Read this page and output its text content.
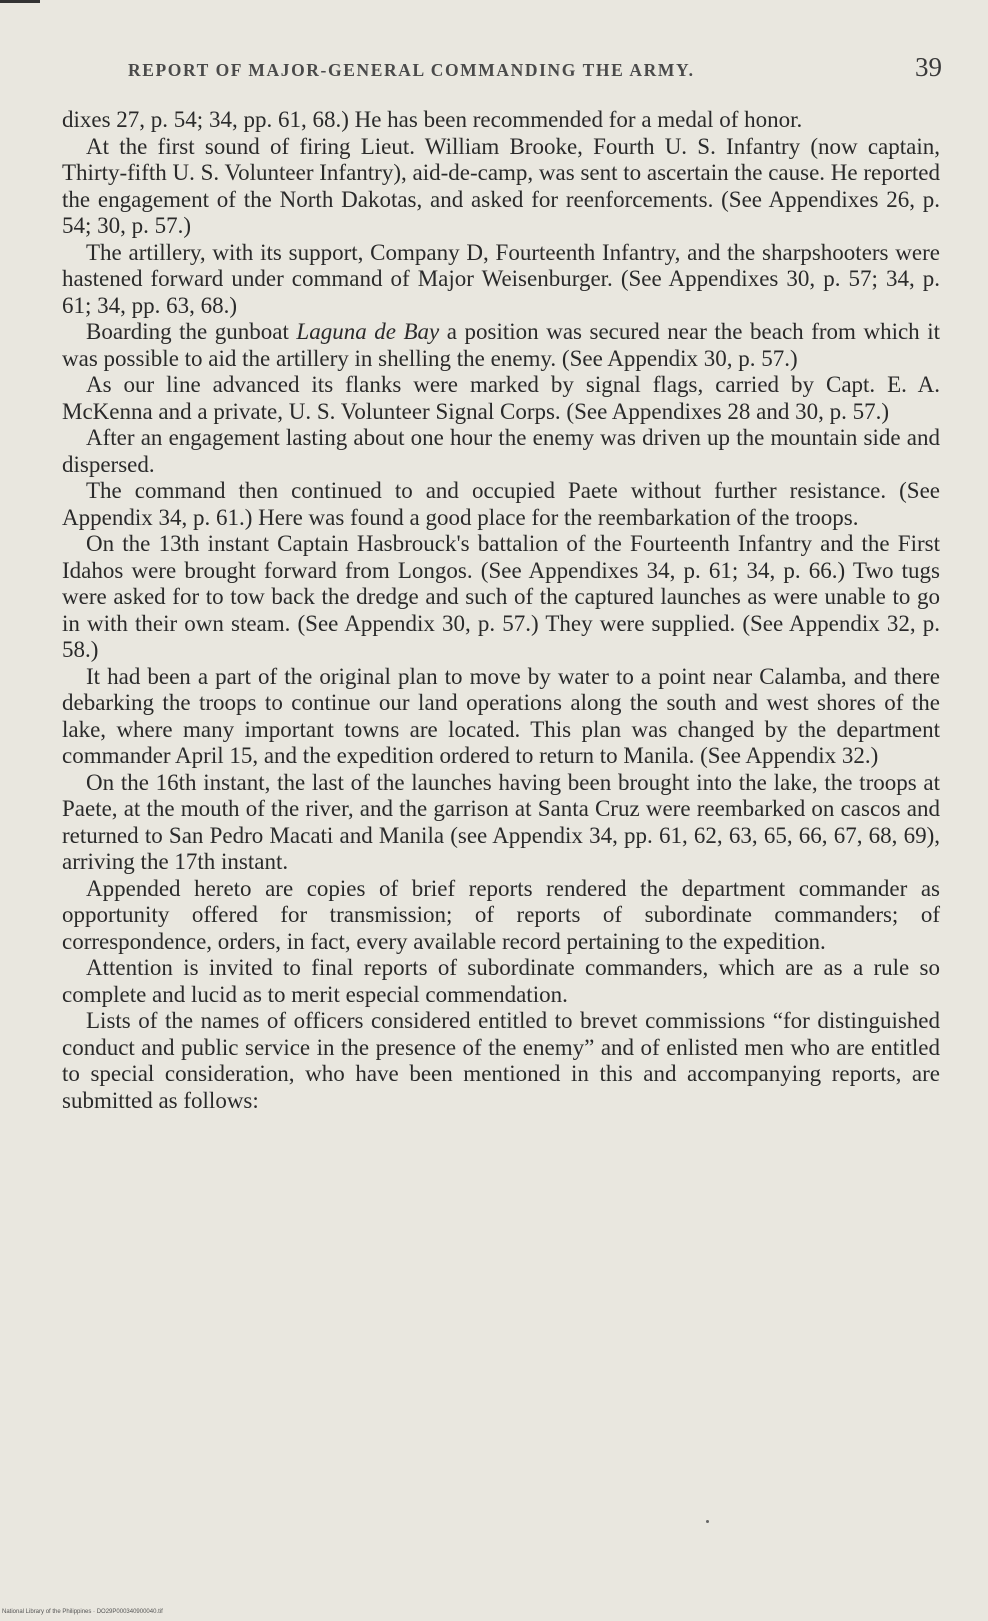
REPORT OF MAJOR-GENERAL COMMANDING THE ARMY.	39

dixes 27, p. 54; 34, pp. 61, 68.) He has been recommended for a medal of honor.

At the first sound of firing Lieut. William Brooke, Fourth U. S. Infantry (now captain, Thirty-fifth U. S. Volunteer Infantry), aid-de-camp, was sent to ascertain the cause. He reported the engagement of the North Dakotas, and asked for reenforcements. (See Appendixes 26, p. 54; 30, p. 57.)

The artillery, with its support, Company D, Fourteenth Infantry, and the sharpshooters were hastened forward under command of Major Weisenburger. (See Appendixes 30, p. 57; 34, p. 61; 34, pp. 63, 68.)

Boarding the gunboat Laguna de Bay a position was secured near the beach from which it was possible to aid the artillery in shelling the enemy. (See Appendix 30, p. 57.)

As our line advanced its flanks were marked by signal flags, carried by Capt. E. A. McKenna and a private, U. S. Volunteer Signal Corps. (See Appendixes 28 and 30, p. 57.)

After an engagement lasting about one hour the enemy was driven up the mountain side and dispersed.

The command then continued to and occupied Paete without further resistance. (See Appendix 34, p. 61.) Here was found a good place for the reembarkation of the troops.

On the 13th instant Captain Hasbrouck's battalion of the Fourteenth Infantry and the First Idahos were brought forward from Longos. (See Appendixes 34, p. 61; 34, p. 66.) Two tugs were asked for to tow back the dredge and such of the captured launches as were unable to go in with their own steam. (See Appendix 30, p. 57.) They were supplied. (See Appendix 32, p. 58.)

It had been a part of the original plan to move by water to a point near Calamba, and there debarking the troops to continue our land operations along the south and west shores of the lake, where many important towns are located. This plan was changed by the department commander April 15, and the expedition ordered to return to Manila. (See Appendix 32.)

On the 16th instant, the last of the launches having been brought into the lake, the troops at Paete, at the mouth of the river, and the garrison at Santa Cruz were reembarked on cascos and returned to San Pedro Macati and Manila (see Appendix 34, pp. 61, 62, 63, 65, 66, 67, 68, 69), arriving the 17th instant.

Appended hereto are copies of brief reports rendered the department commander as opportunity offered for transmission; of reports of subordinate commanders; of correspondence, orders, in fact, every available record pertaining to the expedition.

Attention is invited to final reports of subordinate commanders, which are as a rule so complete and lucid as to merit especial commendation.

Lists of the names of officers considered entitled to brevet commissions “for distinguished conduct and public service in the presence of the enemy” and of enlisted men who are entitled to special consideration, who have been mentioned in this and accompanying reports, are submitted as follows:

National Library of the Philippines · DO29P000340900040.tif
